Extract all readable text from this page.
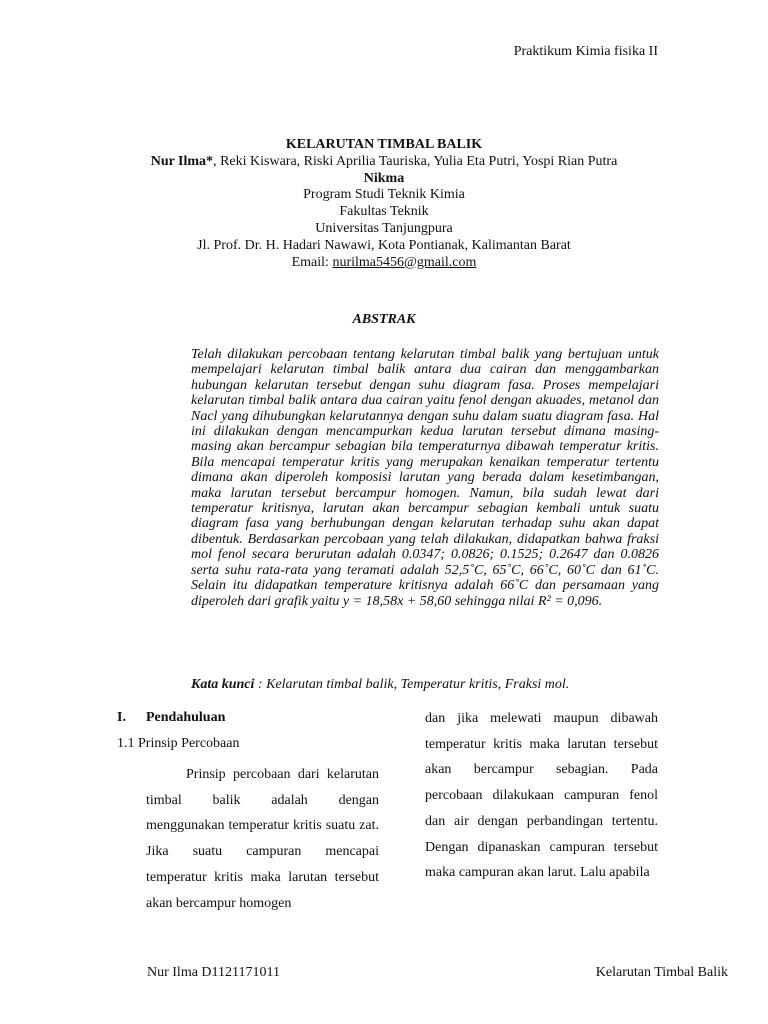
Praktikum Kimia fisika II
KELARUTAN TIMBAL BALIK
Nur Ilma*, Reki Kiswara, Riski Aprilia Tauriska, Yulia Eta Putri, Yospi Rian Putra
Nikma
Program Studi Teknik Kimia
Fakultas Teknik
Universitas Tanjungpura
Jl. Prof. Dr. H. Hadari Nawawi, Kota Pontianak, Kalimantan Barat
Email: nurilma5456@gmail.com
ABSTRAK

Telah dilakukan percobaan tentang kelarutan timbal balik yang bertujuan untuk mempelajari kelarutan timbal balik antara dua cairan dan menggambarkan hubungan kelarutan tersebut dengan suhu diagram fasa. Proses mempelajari kelarutan timbal balik antara dua cairan yaitu fenol dengan akuades, metanol dan Nacl yang dihubungkan kelarutannya dengan suhu dalam suatu diagram fasa. Hal ini dilakukan dengan mencampurkan kedua larutan tersebut dimana masing-masing akan bercampur sebagian bila temperaturnya dibawah temperatur kritis. Bila mencapai temperatur kritis yang merupakan kenaikan temperatur tertentu dimana akan diperoleh komposisi larutan yang berada dalam kesetimbangan, maka larutan tersebut bercampur homogen. Namun, bila sudah lewat dari temperatur kritisnya, larutan akan bercampur sebagian kembali untuk suatu diagram fasa yang berhubungan dengan kelarutan terhadap suhu akan dapat dibentuk. Berdasarkan percobaan yang telah dilakukan, didapatkan bahwa fraksi mol fenol secara berurutan adalah 0.0347; 0.0826; 0.1525; 0.2647 dan 0.0826 serta suhu rata-rata yang teramati adalah 52,5˚C, 65˚C, 66˚C, 60˚C dan 61˚C. Selain itu didapatkan temperature kritisnya adalah 66˚C dan persamaan yang diperoleh dari grafik yaitu y = 18,58x + 58,60 sehingga nilai R² = 0,096.

Kata kunci : Kelarutan timbal balik, Temperatur kritis, Fraksi mol.
I.	Pendahuluan
1.1 Prinsip Percobaan

Prinsip percobaan dari kelarutan timbal balik adalah dengan menggunakan temperatur kritis suatu zat. Jika suatu campuran mencapai temperatur kritis maka larutan tersebut akan bercampur homogen

dan jika melewati maupun dibawah temperatur kritis maka larutan tersebut akan bercampur sebagian. Pada percobaan dilakukaan campuran fenol dan air dengan perbandingan tertentu. Dengan dipanaskan campuran tersebut maka campuran akan larut. Lalu apabila

Nur Ilma D1121171011	Kelarutan Timbal Balik
